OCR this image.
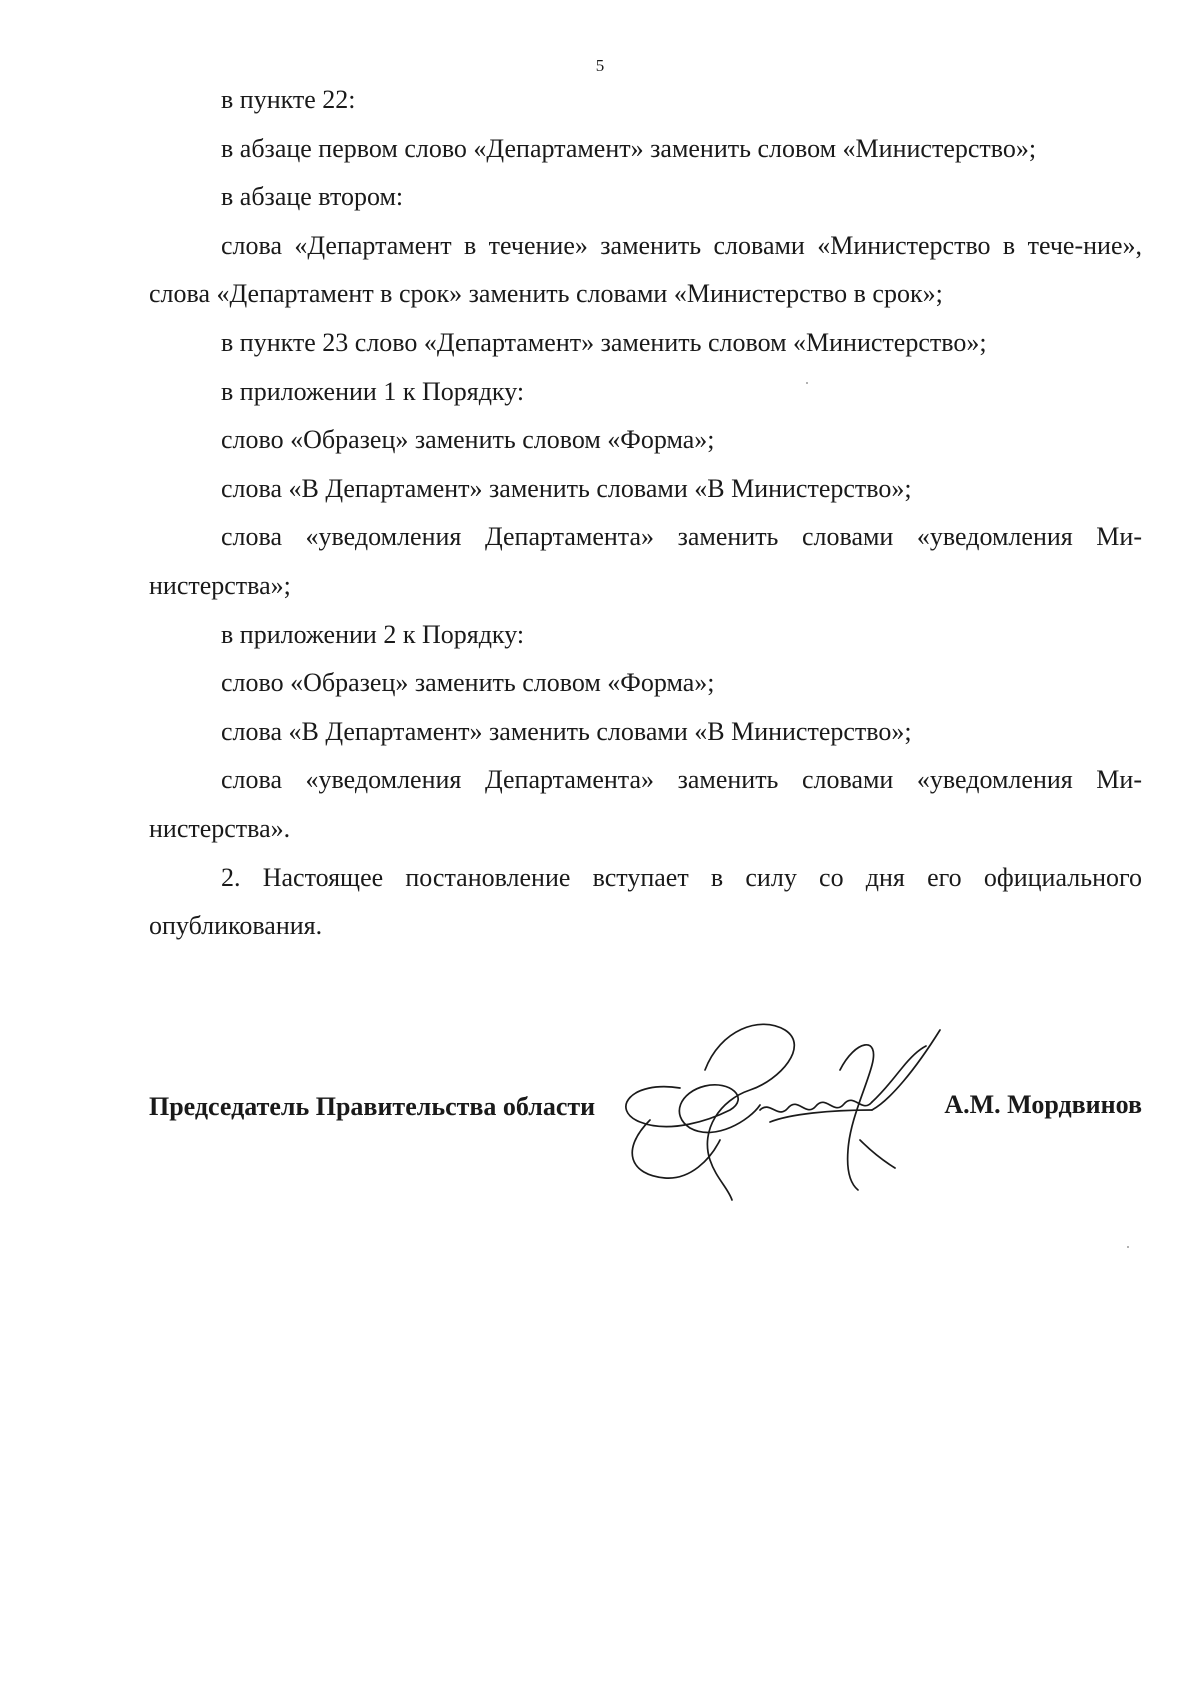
5

в пункте 22:

в абзаце первом слово «Департамент» заменить словом «Министерство»;

в абзаце втором:

слова «Департамент в течение» заменить словами «Министерство в тече-ние», слова «Департамент в срок» заменить словами «Министерство в срок»;

в пункте 23 слово «Департамент» заменить словом «Министерство»;

в приложении 1 к Порядку:

слово «Образец» заменить словом «Форма»;

слова «В Департамент» заменить словами «В Министерство»;

слова «уведомления Департамента» заменить словами «уведомления Ми-нистерства»;

в приложении 2 к Порядку:

слово «Образец» заменить словом «Форма»;

слова «В Департамент» заменить словами «В Министерство»;

слова «уведомления Департамента» заменить словами «уведомления Ми-нистерства».

2. Настоящее постановление вступает в силу со дня его официального опубликования.

Председатель Правительства области	А.М. Мордвинов
